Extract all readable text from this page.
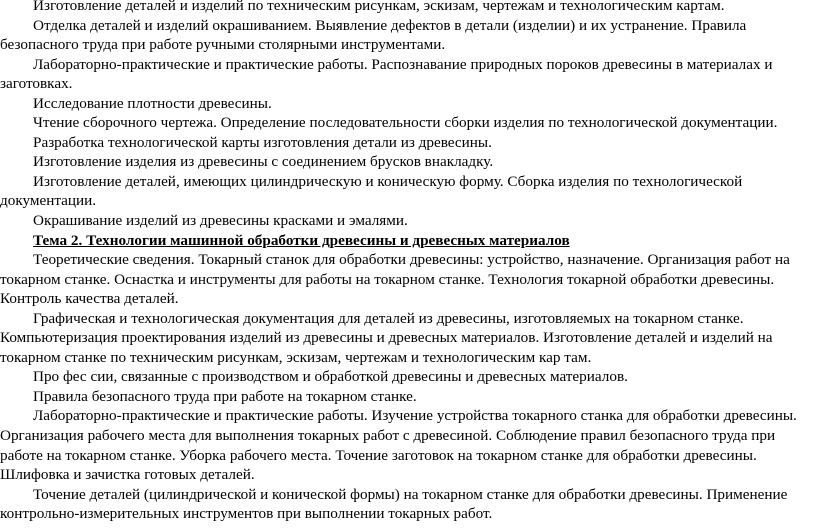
Изготовление деталей и изделий по техническим рисункам, эскизам, чертежам и технологическим картам.

Отделка деталей и изделий окрашиванием. Выявление дефектов в детали (изделии) и их устранение. Правила безопасного труда при работе ручными столярными инструментами.

Лабораторно-практические и практические работы. Распознавание природных пороков древесины в материалах и заготовках.

Исследование плотности древесины.

Чтение сборочного чертежа. Определение последовательности сборки изделия по технологической документации.

Разработка технологической карты изготовления детали из древесины.

Изготовление изделия из древесины с соединением брусков внакладку.

Изготовление деталей, имеющих цилиндрическую и коническую форму. Сборка изделия по технологической документации.

Окрашивание изделий из древесины красками и эмалями.

Тема 2. Технологии машинной обработки древесины и древесных материалов

Теоретические сведения. Токарный станок для обработки древесины: устройство, назначение. Организация работ на токарном станке. Оснастка и инструменты для работы на токарном станке. Технология токарной обработки древесины. Контроль качества деталей.

Графическая и технологическая документация для деталей из древесины, изготовляемых на токарном станке. Компьютеризация проектирования изделий из древесины и древесных материалов. Изготовление деталей и изделий на токарном станке по техническим рисункам, эскизам, чертежам и технологическим кар там.

Про фес сии, связанные с производством и обработкой древесины и древесных материалов.

Правила безопасного труда при работе на токарном станке.

Лабораторно-практические и практические работы. Изучение устройства токарного станка для обработки древесины. Организация рабочего места для выполнения токарных работ с древесиной. Соблюдение правил безопасного труда при работе на токарном станке. Уборка рабочего места. Точение заготовок на токарном станке для обработки древесины. Шлифовка и зачистка готовых деталей.

Точение деталей (цилиндрической и конической формы) на токарном станке для обработки древесины. Применение контрольно-измерительных инструментов при выполнении токарных работ.
